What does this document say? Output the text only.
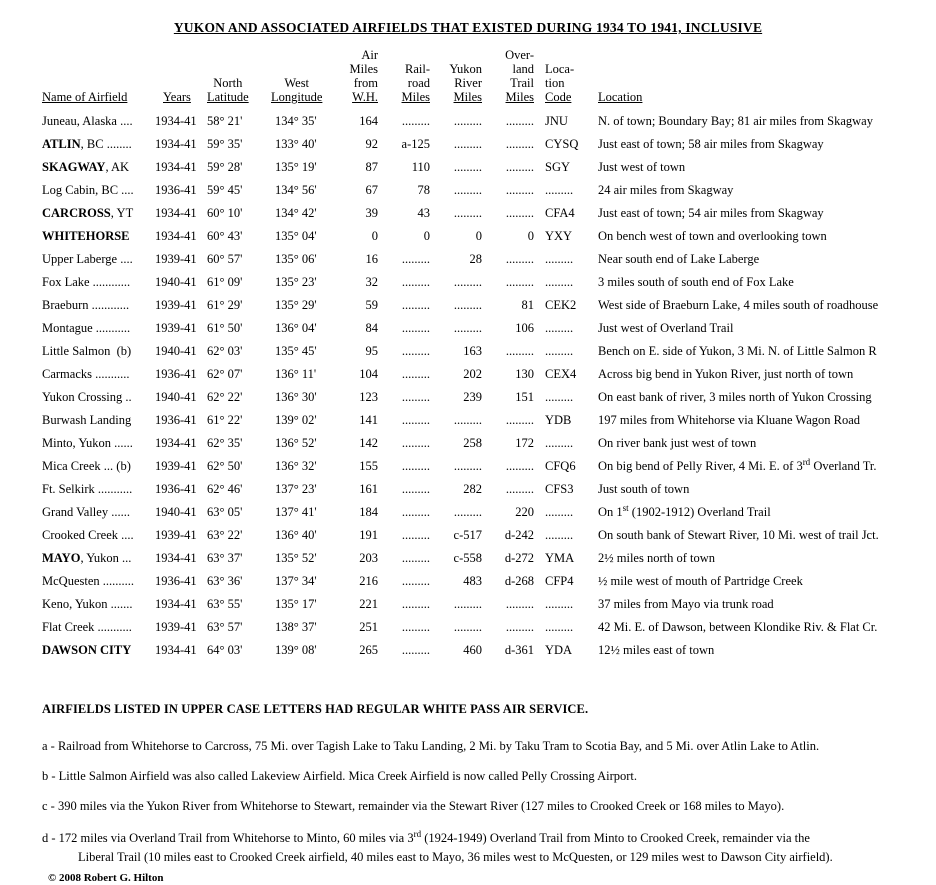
YUKON AND ASSOCIATED AIRFIELDS THAT EXISTED DURING 1934 TO 1941, INCLUSIVE
Name of Airfield	Years	North
Latitude	West
Longitude	Air
Miles
from
W.H.	Rail-
road
Miles	Yukon
River
Miles	Over-
land
Trail
Miles	Loca-
tion
Code	Location

Juneau, Alaska ....	1934-41	58° 21'	134° 35'	164	.........	.........	.........	JNU	N. of town; Boundary Bay; 81 air miles from Skagway
ATLIN, BC ........	1934-41	59° 35'	133° 40'	92	a-125	.........	.........	CYSQ	Just east of town; 58 air miles from Skagway
SKAGWAY, AK	1934-41	59° 28'	135° 19'	87	110	.........	.........	SGY	Just west of town
Log Cabin, BC ....	1936-41	59° 45'	134° 56'	67	78	.........	.........	.........	24 air miles from Skagway
CARCROSS, YT	1934-41	60° 10'	134° 42'	39	43	.........	.........	CFA4	Just east of town; 54 air miles from Skagway
WHITEHORSE	1934-41	60° 43'	135° 04'	0	0	0	0	YXY	On bench west of town and overlooking town
Upper Laberge ....	1939-41	60° 57'	135° 06'	16	.........	28	.........	.........	Near south end of Lake Laberge
Fox Lake ............	1940-41	61° 09'	135° 23'	32	.........	.........	.........	.........	3 miles south of south end of Fox Lake
Braeburn ............	1939-41	61° 29'	135° 29'	59	.........	.........	81	CEK2	West side of Braeburn Lake, 4 miles south of roadhouse
Montague ...........	1939-41	61° 50'	136° 04'	84	.........	.........	106	.........	Just west of Overland Trail
Little Salmon  (b)	1940-41	62° 03'	135° 45'	95	.........	163	.........	.........	Bench on E. side of Yukon, 3 Mi. N. of Little Salmon R
Carmacks ...........	1936-41	62° 07'	136° 11'	104	.........	202	130	CEX4	Across big bend in Yukon River, just north of town
Yukon Crossing ..	1940-41	62° 22'	136° 30'	123	.........	239	151	.........	On east bank of river, 3 miles north of Yukon Crossing
Burwash Landing	1936-41	61° 22'	139° 02'	141	.........	.........	.........	YDB	197 miles from Whitehorse via Kluane Wagon Road
Minto, Yukon ......	1934-41	62° 35'	136° 52'	142	.........	258	172	.........	On river bank just west of town
Mica Creek ... (b)	1939-41	62° 50'	136° 32'	155	.........	.........	.........	CFQ6	On big bend of Pelly River, 4 Mi. E. of 3rd Overland Tr.
Ft. Selkirk ...........	1936-41	62° 46'	137° 23'	161	.........	282	.........	CFS3	Just south of town
Grand Valley ......	1940-41	63° 05'	137° 41'	184	.........	.........	220	.........	On 1st (1902-1912) Overland Trail
Crooked Creek ....	1939-41	63° 22'	136° 40'	191	.........	c-517	d-242	.........	On south bank of Stewart River, 10 Mi. west of trail Jct.
MAYO, Yukon ...	1934-41	63° 37'	135° 52'	203	.........	c-558	d-272	YMA	2½ miles north of town
McQuesten ..........	1936-41	63° 36'	137° 34'	216	.........	483	d-268	CFP4	½ mile west of mouth of Partridge Creek
Keno, Yukon .......	1934-41	63° 55'	135° 17'	221	.........	.........	.........	.........	37 miles from Mayo via trunk road
Flat Creek ...........	1939-41	63° 57'	138° 37'	251	.........	.........	.........	.........	42 Mi. E. of Dawson, between Klondike Riv. & Flat Cr.
DAWSON CITY	1934-41	64° 03'	139° 08'	265	.........	460	d-361	YDA	12½ miles east of town

AIRFIELDS LISTED IN UPPER CASE LETTERS HAD REGULAR WHITE PASS AIR SERVICE.

a - Railroad from Whitehorse to Carcross, 75 Mi. over Tagish Lake to Taku Landing, 2 Mi. by Taku Tram to Scotia Bay, and 5 Mi. over Atlin Lake to Atlin.

b - Little Salmon Airfield was also called Lakeview Airfield. Mica Creek Airfield is now called Pelly Crossing Airport.

c - 390 miles via the Yukon River from Whitehorse to Stewart, remainder via the Stewart River (127 miles to Crooked Creek or 168 miles to Mayo).

d - 172 miles via Overland Trail from Whitehorse to Minto, 60 miles via 3rd (1924-1949) Overland Trail from Minto to Crooked Creek, remainder via the
Liberal Trail (10 miles east to Crooked Creek airfield, 40 miles east to Mayo, 36 miles west to McQuesten, or 129 miles west to Dawson City airfield).

© 2008 Robert G. Hilton
